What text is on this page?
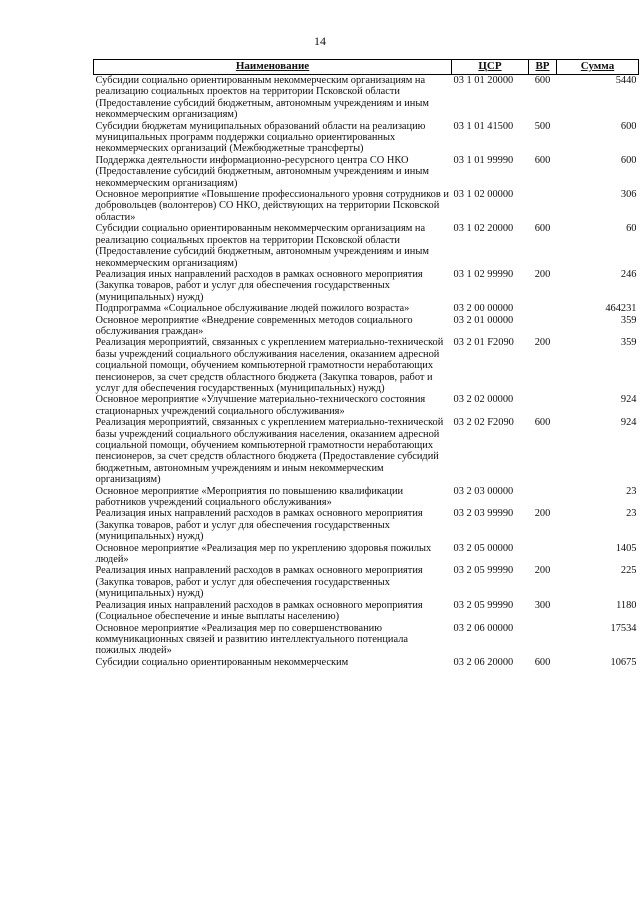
14
Наименование	ЦСР	ВР	Сумма
Субсидии социально ориентированным некоммерческим организациям на реализацию социальных проектов на территории Псковской области (Предоставление субсидий бюджетным, автономным учреждениям и иным некоммерческим организациям)	03 1 01 20000	600	5440
Субсидии бюджетам муниципальных образований области на реализацию муниципальных программ поддержки социально ориентированных некоммерческих организаций (Межбюджетные трансферты)	03 1 01 41500	500	600
Поддержка деятельности информационно-ресурсного центра СО НКО (Предоставление субсидий бюджетным, автономным учреждениям и иным некоммерческим организациям)	03 1 01 99990	600	600
Основное мероприятие «Повышение профессионального уровня сотрудников и добровольцев (волонтеров) СО НКО, действующих на территории Псковской области»	03 1 02 00000		306
Субсидии социально ориентированным некоммерческим организациям на реализацию социальных проектов на территории Псковской области (Предоставление субсидий бюджетным, автономным учреждениям и иным некоммерческим организациям)	03 1 02 20000	600	60
Реализация иных направлений расходов в рамках основного мероприятия (Закупка товаров, работ и услуг для обеспечения государственных (муниципальных) нужд)	03 1 02 99990	200	246
Подпрограмма «Социальное обслуживание людей пожилого возраста»	03 2 00 00000		464231
Основное мероприятие «Внедрение современных методов социального обслуживания граждан»	03 2 01 00000		359
Реализация мероприятий, связанных с укреплением материально-технической базы учреждений социального обслуживания населения, оказанием адресной социальной помощи, обучением компьютерной грамотности неработающих пенсионеров, за счет средств областного бюджета (Закупка товаров, работ и услуг для обеспечения государственных (муниципальных) нужд)	03 2 01 F2090	200	359
Основное мероприятие «Улучшение материально-технического состояния стационарных учреждений социального обслуживания»	03 2 02 00000		924
Реализация мероприятий, связанных с укреплением материально-технической базы учреждений социального обслуживания населения, оказанием адресной социальной помощи, обучением компьютерной грамотности неработающих пенсионеров, за счет средств областного бюджета (Предоставление субсидий бюджетным, автономным учреждениям и иным некоммерческим организациям)	03 2 02 F2090	600	924
Основное мероприятие «Мероприятия по повышению квалификации работников учреждений социального обслуживания»	03 2 03 00000		23
Реализация иных направлений расходов в рамках основного мероприятия (Закупка товаров, работ и услуг для обеспечения государственных (муниципальных) нужд)	03 2 03 99990	200	23
Основное мероприятие «Реализация мер по укреплению здоровья пожилых людей»	03 2 05 00000		1405
Реализация иных направлений расходов в рамках основного мероприятия (Закупка товаров, работ и услуг для обеспечения государственных (муниципальных) нужд)	03 2 05 99990	200	225
Реализация иных направлений расходов в рамках основного мероприятия (Социальное обеспечение и иные выплаты населению)	03 2 05 99990	300	1180
Основное мероприятие «Реализация мер по совершенствованию коммуникационных связей и развитию интеллектуального потенциала пожилых людей»	03 2 06 00000		17534
Субсидии социально ориентированным некоммерческим	03 2 06 20000	600	10675
